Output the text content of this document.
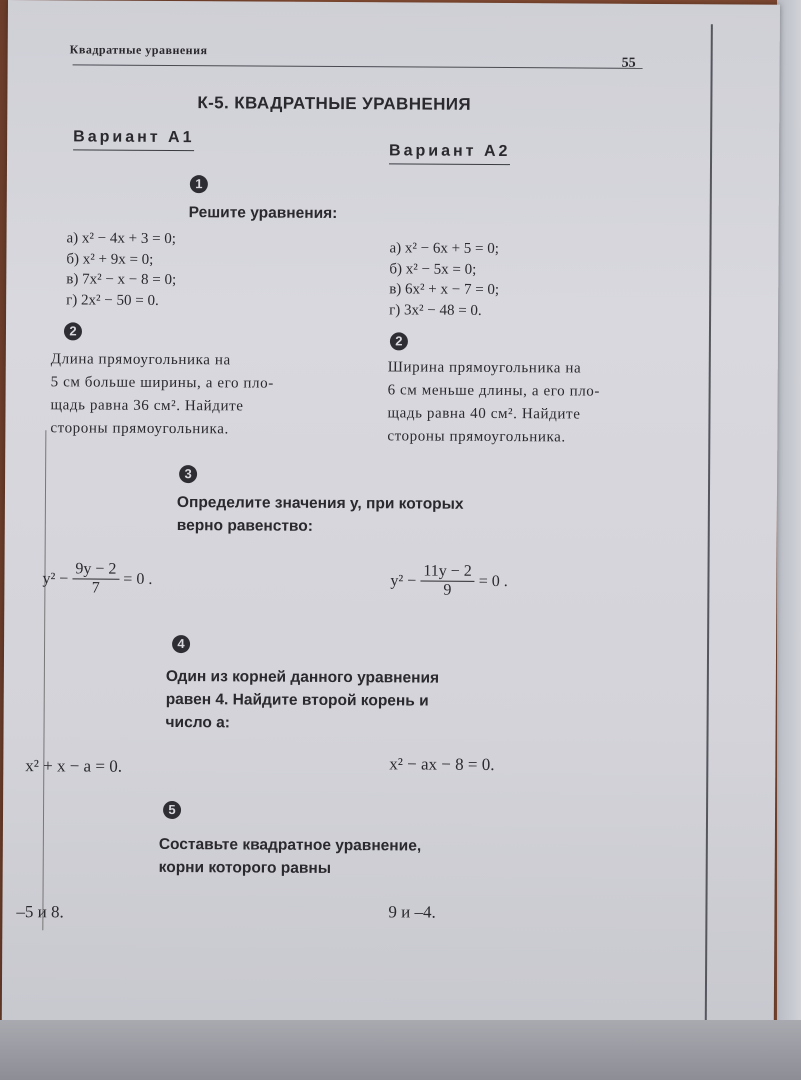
Квадратные уравнения
55
К-5. КВАДРАТНЫЕ УРАВНЕНИЯ
Вариант А1
Вариант А2
1
Решите уравнения:
а) x² − 4x + 3 = 0;
б) x² + 9x = 0;
в) 7x² − x − 8 = 0;
г) 2x² − 50 = 0.
а) x² − 6x + 5 = 0;
б) x² − 5x = 0;
в) 6x² + x − 7 = 0;
г) 3x² − 48 = 0.
2
2
Длина прямоугольника на
5 см больше ширины, а его пло-
щадь равна 36 см². Найдите
стороны прямоугольника.
Ширина прямоугольника на
6 см меньше длины, а его пло-
щадь равна 40 см². Найдите
стороны прямоугольника.
3
Определите значения y, при которых
верно равенство:
$y^2 - \frac{9y - 2}{7} = 0$ .	$y^2 - \frac{11y - 2}{9} = 0$ .
4
Один из корней данного уравнения
равен 4. Найдите второй корень и
число a:
x² + x − a = 0.	x² − ax − 8 = 0.
5
Составьте квадратное уравнение,
корни которого равны
–5 и 8.	9 и –4.
